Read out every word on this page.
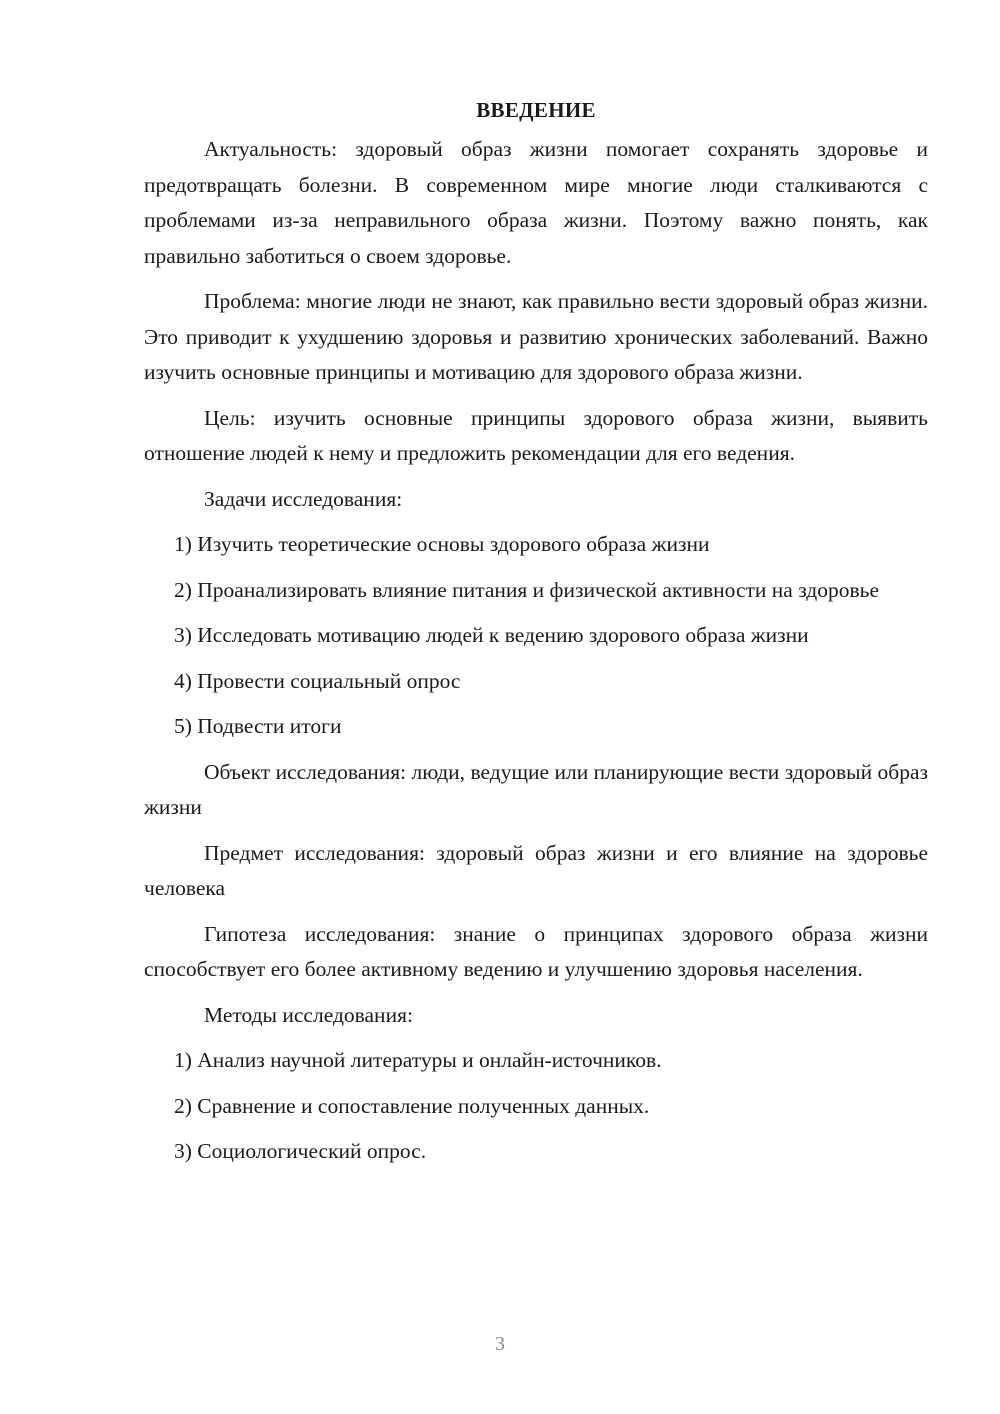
ВВЕДЕНИЕ

Актуальность: здоровый образ жизни помогает сохранять здоровье и предотвращать болезни. В современном мире многие люди сталкиваются с проблемами из-за неправильного образа жизни. Поэтому важно понять, как правильно заботиться о своем здоровье.

Проблема: многие люди не знают, как правильно вести здоровый образ жизни. Это приводит к ухудшению здоровья и развитию хронических заболеваний. Важно изучить основные принципы и мотивацию для здорового образа жизни.

Цель: изучить основные принципы здорового образа жизни, выявить отношение людей к нему и предложить рекомендации для его ведения.

Задачи исследования:

1) Изучить теоретические основы здорового образа жизни

2) Проанализировать влияние питания и физической активности на здоровье

3) Исследовать мотивацию людей к ведению здорового образа жизни

4) Провести социальный опрос

5) Подвести итоги

Объект исследования: люди, ведущие или планирующие вести здоровый образ жизни

Предмет исследования: здоровый образ жизни и его влияние на здоровье человека

Гипотеза исследования: знание о принципах здорового образа жизни способствует его более активному ведению и улучшению здоровья населения.

Методы исследования:

1) Анализ научной литературы и онлайн-источников.

2) Сравнение и сопоставление полученных данных.

3) Социологический опрос.

3
